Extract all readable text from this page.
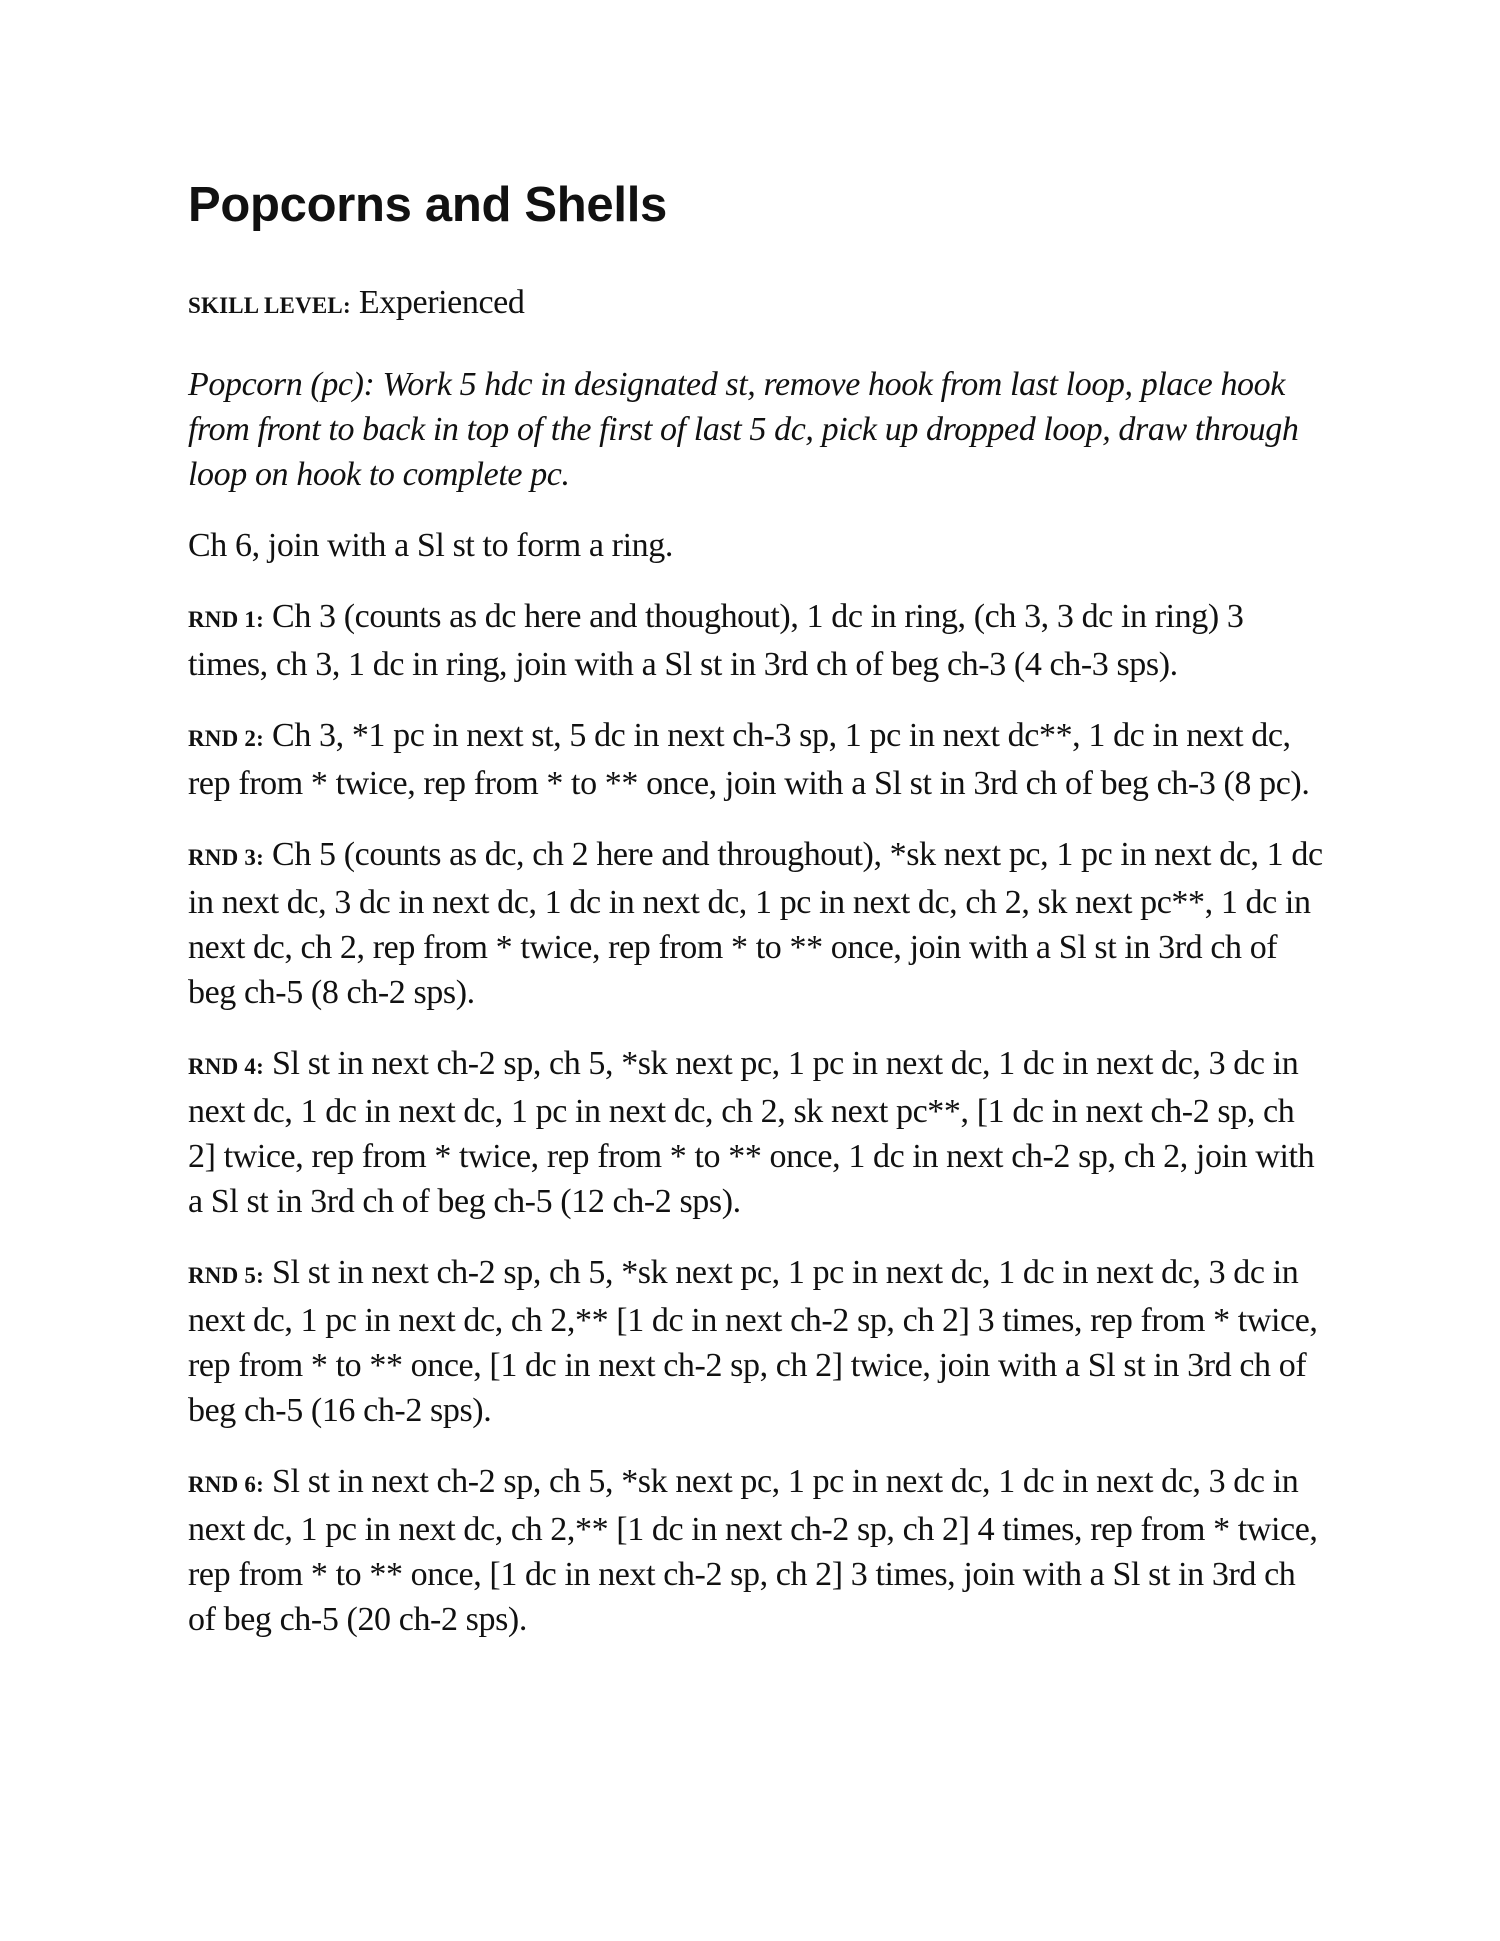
Popcorns and Shells

SKILL LEVEL: Experienced

Popcorn (pc): Work 5 hdc in designated st, remove hook from last loop, place hook from front to back in top of the first of last 5 dc, pick up dropped loop, draw through loop on hook to complete pc.

Ch 6, join with a Sl st to form a ring.

RND 1: Ch 3 (counts as dc here and thoughout), 1 dc in ring, (ch 3, 3 dc in ring) 3 times, ch 3, 1 dc in ring, join with a Sl st in 3rd ch of beg ch-3 (4 ch-3 sps).

RND 2: Ch 3, *1 pc in next st, 5 dc in next ch-3 sp, 1 pc in next dc**, 1 dc in next dc, rep from * twice, rep from * to ** once, join with a Sl st in 3rd ch of beg ch-3 (8 pc).

RND 3: Ch 5 (counts as dc, ch 2 here and throughout), *sk next pc, 1 pc in next dc, 1 dc in next dc, 3 dc in next dc, 1 dc in next dc, 1 pc in next dc, ch 2, sk next pc**, 1 dc in next dc, ch 2, rep from * twice, rep from * to ** once, join with a Sl st in 3rd ch of beg ch-5 (8 ch-2 sps).

RND 4: Sl st in next ch-2 sp, ch 5, *sk next pc, 1 pc in next dc, 1 dc in next dc, 3 dc in next dc, 1 dc in next dc, 1 pc in next dc, ch 2, sk next pc**, [1 dc in next ch-2 sp, ch 2] twice, rep from * twice, rep from * to ** once, 1 dc in next ch-2 sp, ch 2, join with a Sl st in 3rd ch of beg ch-5 (12 ch-2 sps).

RND 5: Sl st in next ch-2 sp, ch 5, *sk next pc, 1 pc in next dc, 1 dc in next dc, 3 dc in next dc, 1 pc in next dc, ch 2,** [1 dc in next ch-2 sp, ch 2] 3 times, rep from * twice, rep from * to ** once, [1 dc in next ch-2 sp, ch 2] twice, join with a Sl st in 3rd ch of beg ch-5 (16 ch-2 sps).

RND 6: Sl st in next ch-2 sp, ch 5, *sk next pc, 1 pc in next dc, 1 dc in next dc, 3 dc in next dc, 1 pc in next dc, ch 2,** [1 dc in next ch-2 sp, ch 2] 4 times, rep from * twice, rep from * to ** once, [1 dc in next ch-2 sp, ch 2] 3 times, join with a Sl st in 3rd ch of beg ch-5 (20 ch-2 sps).
